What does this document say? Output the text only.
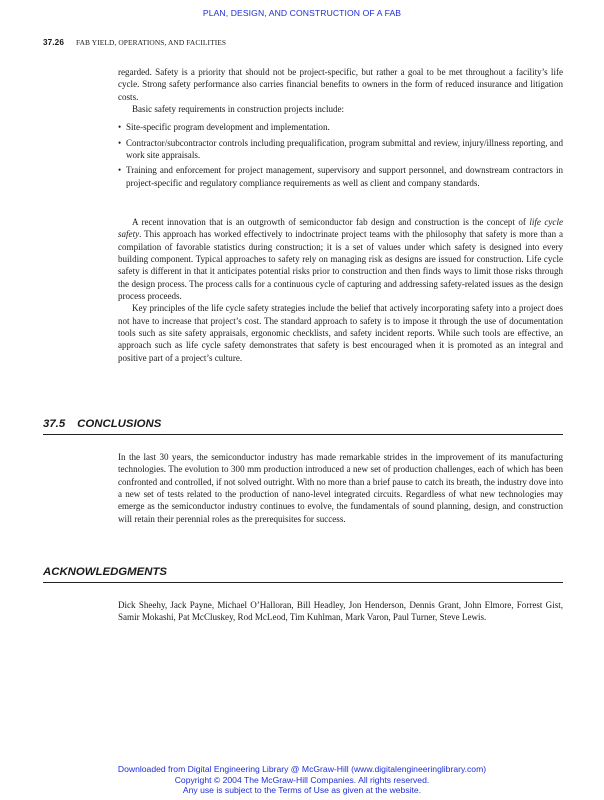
PLAN, DESIGN, AND CONSTRUCTION OF A FAB
37.26 FAB YIELD, OPERATIONS, AND FACILITIES

regarded. Safety is a priority that should not be project-specific, but rather a goal to be met throughout a facility’s life cycle. Strong safety performance also carries financial benefits to owners in the form of reduced insurance and litigation costs.

Basic safety requirements in construction projects include:

• Site-specific program development and implementation.
• Contractor/subcontractor controls including prequalification, program submittal and review, injury/illness reporting, and work site appraisals.
• Training and enforcement for project management, supervisory and support personnel, and downstream contractors in project-specific and regulatory compliance requirements as well as client and company standards.

A recent innovation that is an outgrowth of semiconductor fab design and construction is the concept of life cycle safety. This approach has worked effectively to indoctrinate project teams with the philosophy that safety is more than a compilation of favorable statistics during construction; it is a set of values under which safety is designed into every building component. Typical approaches to safety rely on managing risk as designs are issued for construction. Life cycle safety is different in that it anticipates potential risks prior to construction and then finds ways to limit those risks through the design process. The process calls for a continuous cycle of capturing and addressing safety-related issues as the design process proceeds.

Key principles of the life cycle safety strategies include the belief that actively incorporating safety into a project does not have to increase that project’s cost. The standard approach to safety is to impose it through the use of documentation tools such as site safety appraisals, ergonomic checklists, and safety incident reports. While such tools are effective, an approach such as life cycle safety demonstrates that safety is best encouraged when it is promoted as an integral and positive part of a project’s culture.

37.5 CONCLUSIONS

In the last 30 years, the semiconductor industry has made remarkable strides in the improvement of its manufacturing technologies. The evolution to 300 mm production introduced a new set of production challenges, each of which has been confronted and controlled, if not solved outright. With no more than a brief pause to catch its breath, the industry dove into a new set of tests related to the production of nano-level integrated circuits. Regardless of what new technologies may emerge as the semiconductor industry continues to evolve, the fundamentals of sound planning, design, and construction will retain their perennial roles as the prerequisites for success.

ACKNOWLEDGMENTS

Dick Sheehy, Jack Payne, Michael O’Halloran, Bill Headley, Jon Henderson, Dennis Grant, John Elmore, Forrest Gist, Samir Mokashi, Pat McCluskey, Rod McLeod, Tim Kuhlman, Mark Varon, Paul Turner, Steve Lewis.

Downloaded from Digital Engineering Library @ McGraw-Hill (www.digitalengineeringlibrary.com)
Copyright © 2004 The McGraw-Hill Companies. All rights reserved.
Any use is subject to the Terms of Use as given at the website.
